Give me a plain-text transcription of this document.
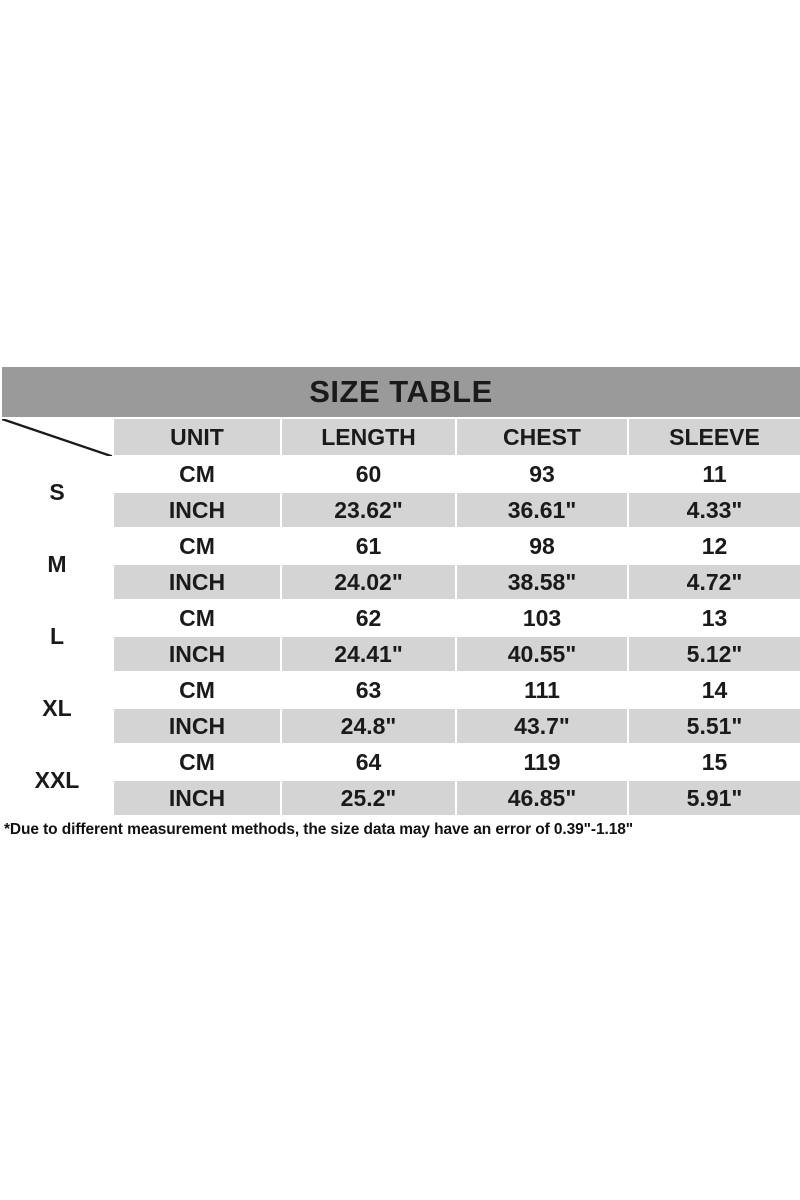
SIZE TABLE				

	UNIT	LENGTH	CHEST	SLEEVE
S	CM	60	93	11
	INCH	23.62"	36.61"	4.33"
M	CM	61	98	12
	INCH	24.02"	38.58"	4.72"
L	CM	62	103	13
	INCH	24.41"	40.55"	5.12"
XL	CM	63	111	14
	INCH	24.8"	43.7"	5.51"
XXL	CM	64	119	15
	INCH	25.2"	46.85"	5.91"
*Due to different measurement methods, the size data may have an error of 0.39"-1.18"
